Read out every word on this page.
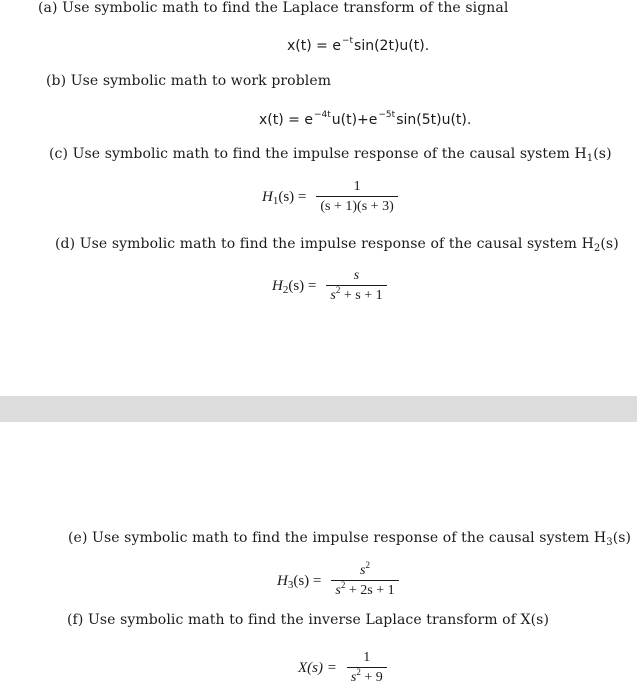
(a) Use symbolic math to find the Laplace transform of the signal
$x(t) = e^{-t}\sin(2t)u(t)$.
(b) Use symbolic math to work problem
$x(t) = e^{-4t}u(t)+e^{-5t}\sin(5t)u(t)$.
(c) Use symbolic math to find the impulse response of the causal system $H_1(s)$
$H_1(s) = \frac{1}{(s + 1)(s + 3)}$
(d) Use symbolic math to find the impulse response of the causal system $H_2(s)$
$H_2(s) = \frac{s}{s^2 + s + 1}$
(e) Use symbolic math to find the impulse response of the causal system $H_3(s)$
$H_3(s) = \frac{s^2}{s^2 + 2s + 1}$
(f) Use symbolic math to find the inverse Laplace transform of X(s)
$X(s) = \frac{1}{s^2 + 9}$
